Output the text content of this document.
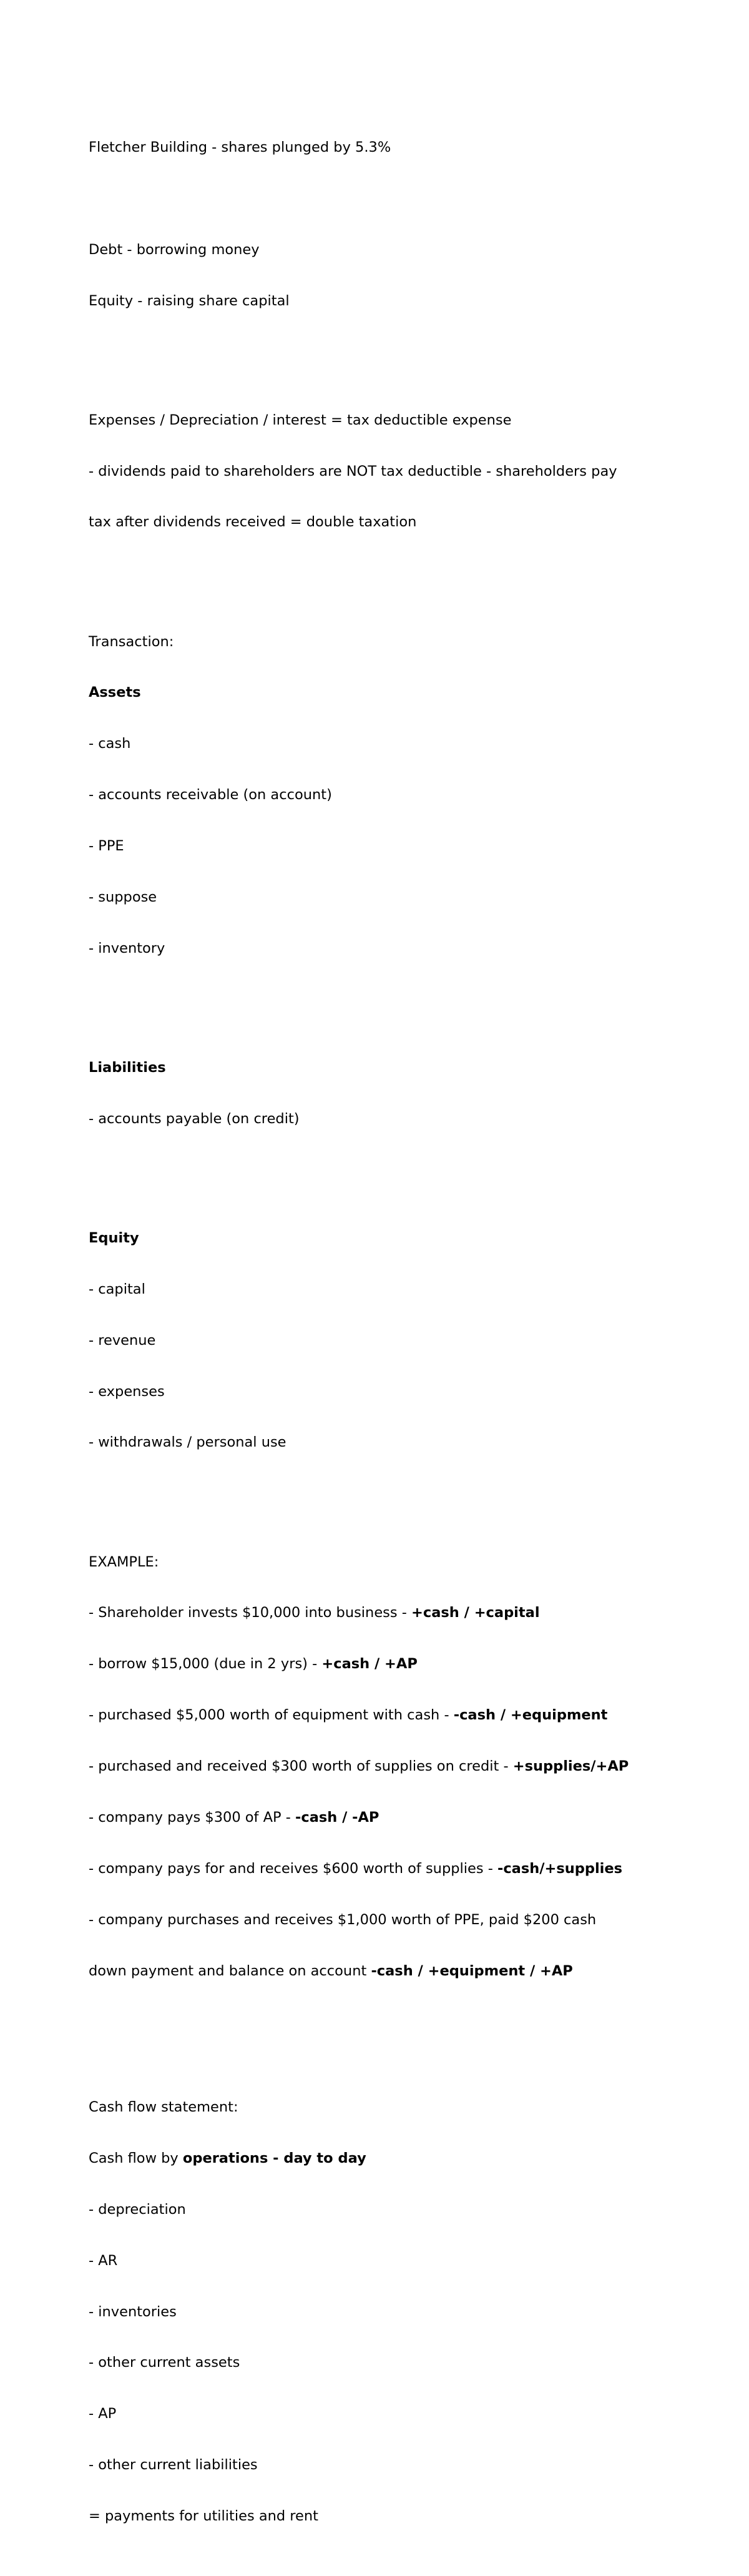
Fletcher Building - shares plunged by 5.3%

Debt - borrowing money

Equity - raising share capital

Expenses / Depreciation / interest = tax deductible expense

- dividends paid to shareholders are NOT tax deductible - shareholders pay

tax after dividends received = double taxation

Transaction:

Assets

- cash

- accounts receivable (on account)

- PPE

- suppose

- inventory

Liabilities

- accounts payable (on credit)

Equity

- capital

- revenue

- expenses

- withdrawals / personal use

EXAMPLE:

- Shareholder invests $10,000 into business - +cash / +capital

- borrow $15,000 (due in 2 yrs) - +cash / +AP

- purchased $5,000 worth of equipment with cash - -cash / +equipment

- purchased and received $300 worth of supplies on credit - +supplies/+AP

- company pays $300 of AP - -cash / -AP

- company pays for and receives $600 worth of supplies - -cash/+supplies

- company purchases and receives $1,000 worth of PPE, paid $200 cash

down payment and balance on account -cash / +equipment / +AP

Cash flow statement:

Cash flow by operations - day to day

- depreciation

- AR

- inventories

- other current assets

- AP

- other current liabilities

= payments for utilities and rent
